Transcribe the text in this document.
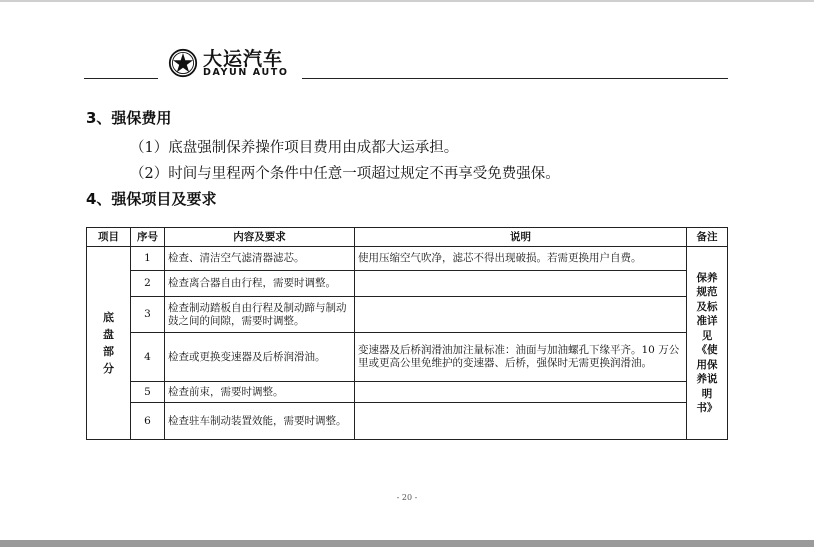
大运汽车
DAYUN AUTO
3、强保费用
（1）底盘强制保养操作项目费用由成都大运承担。
（2）时间与里程两个条件中任意一项超过规定不再享受免费强保。
4、强保项目及要求
项目	序号	内容及要求	说明	备注
底盘部分	1	检查、清洁空气滤清器滤芯。	使用压缩空气吹净，滤芯不得出现破损。若需更换用户自费。	保养规范及标准详见《使用保养说明书》
	2	检查离合器自由行程，需要时调整。		
	3	检查制动踏板自由行程及制动蹄与制动鼓之间的间隙，需要时调整。		
	4	检查或更换变速器及后桥润滑油。	变速器及后桥润滑油加注量标准：油面与加油螺孔下缘平齐。10 万公里或更高公里免维护的变速器、后桥，强保时无需更换润滑油。	
	5	检查前束，需要时调整。		
	6	检查驻车制动装置效能，需要时调整。		
- 20 -
